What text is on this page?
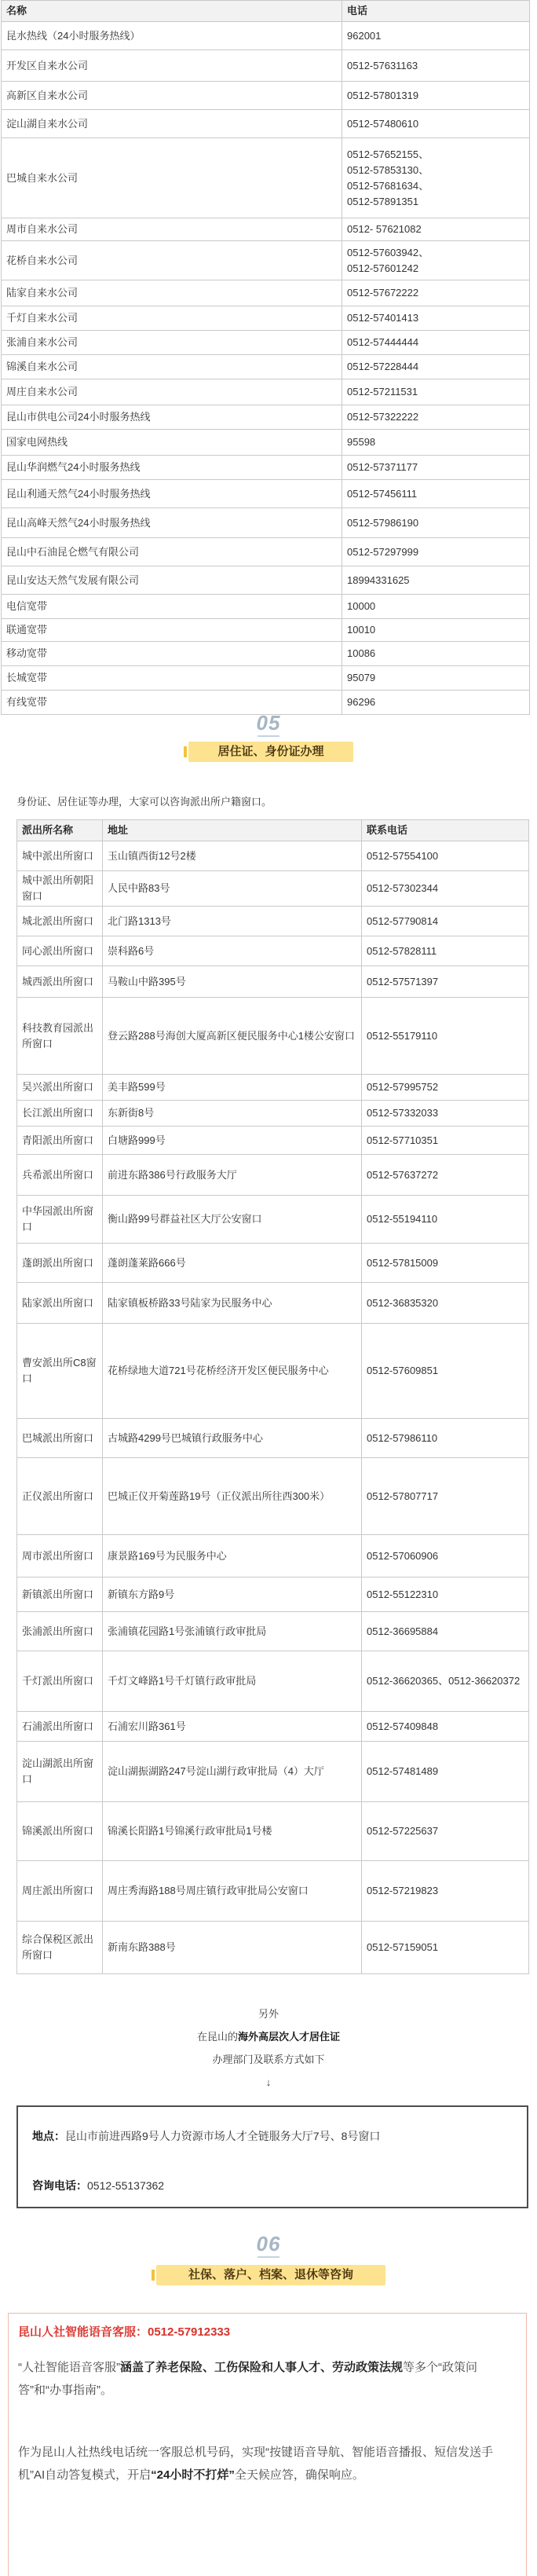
名称	电话
昆水热线（24小时服务热线）	962001

开发区自来水公司	0512-57631163

高新区自来水公司	0512-57801319

淀山湖自来水公司	0512-57480610

巴城自来水公司	0512-57652155、
0512-57853130、
0512-57681634、
0512-57891351

周市自来水公司	0512- 57621082

花桥自来水公司	0512-57603942、
0512-57601242

陆家自来水公司	0512-57672222

千灯自来水公司	0512-57401413

张浦自来水公司	0512-57444444

锦溪自来水公司	0512-57228444

周庄自来水公司	0512-57211531

昆山市供电公司24小时服务热线	0512-57322222

国家电网热线	95598

昆山华润燃气24小时服务热线	0512-57371177

昆山利通天然气24小时服务热线	0512-57456111

昆山高峰天然气24小时服务热线	0512-57986190

昆山中石油昆仑燃气有限公司	0512-57297999

昆山安达天然气发展有限公司	18994331625

电信宽带	10000

联通宽带	10010

移动宽带	10086

长城宽带	95079

有线宽带	96296
05
居住证、身份证办理
身份证、居住证等办理，大家可以咨询派出所户籍窗口。
派出所名称	地址	联系电话
城中派出所窗口	玉山镇西街12号2楼	0512-57554100
城中派出所朝阳窗口	人民中路83号	0512-57302344
城北派出所窗口	北门路1313号	0512-57790814
同心派出所窗口	崇科路6号	0512-57828111
城西派出所窗口	马鞍山中路395号	0512-57571397
科技教育园派出所窗口	登云路288号海创大厦高新区便民服务中心1楼公安窗口	0512-55179110
吴兴派出所窗口	美丰路599号	0512-57995752
长江派出所窗口	东新街8号	0512-57332033
青阳派出所窗口	白塘路999号	0512-57710351
兵希派出所窗口	前进东路386号行政服务大厅	0512-57637272
中华园派出所窗口	衡山路99号群益社区大厅公安窗口	0512-55194110
蓬朗派出所窗口	蓬朗蓬莱路666号	0512-57815009
陆家派出所窗口	陆家镇板桥路33号陆家为民服务中心	0512-36835320
曹安派出所C8窗口	花桥绿地大道721号花桥经济开发区便民服务中心	0512-57609851
巴城派出所窗口	古城路4299号巴城镇行政服务中心	0512-57986110
正仪派出所窗口	巴城正仪开菊莲路19号（正仪派出所往西300米）	0512-57807717
周市派出所窗口	康景路169号为民服务中心	0512-57060906
新镇派出所窗口	新镇东方路9号	0512-55122310
张浦派出所窗口	张浦镇花园路1号张浦镇行政审批局	0512-36695884
千灯派出所窗口	千灯文峰路1号千灯镇行政审批局	0512-36620365、0512-36620372
石浦派出所窗口	石浦宏川路361号	0512-57409848
淀山湖派出所窗口	淀山湖振湖路247号淀山湖行政审批局（4）大厅	0512-57481489
锦溪派出所窗口	锦溪长阳路1号锦溪行政审批局1号楼	0512-57225637
周庄派出所窗口	周庄秀海路188号周庄镇行政审批局公安窗口	0512-57219823
综合保税区派出所窗口	新南东路388号	0512-57159051
另外
在昆山的海外高层次人才居住证
办理部门及联系方式如下
↓
地点：昆山市前进西路9号人力资源市场人才全链服务大厅7号、8号窗口
咨询电话：0512-55137362
06
社保、落户、档案、退休等咨询
昆山人社智能语音客服：0512-57912333

“人社智能语音客服”涵盖了养老保险、工伤保险和人事人才、劳动政策法规等多个“政策问答”和“办事指南”。

作为昆山人社热线电话统一客服总机号码，实现“按键语音导航、智能语音播报、短信发送手机”AI自动答复模式，开启“24小时不打烊”全天候应答，确保响应。
